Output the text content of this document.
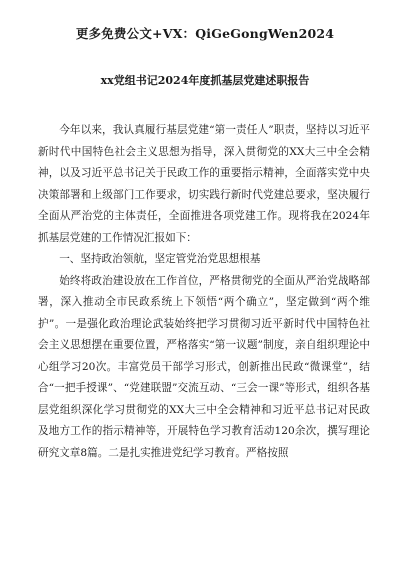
更多免费公文+VX：QiGeGongWen2024
xx党组书记2024年度抓基层党建述职报告

今年以来，我认真履行基层党建“第一责任人”职责，坚持以习近平新时代中国特色社会主义思想为指导，深入贯彻党的XX大三中全会精神，以及习近平总书记关于民政工作的重要指示精神，全面落实党中央决策部署和上级部门工作要求，切实践行新时代党建总要求，坚决履行全面从严治党的主体责任，全面推进各项党建工作。现将我在2024年抓基层党建的工作情况汇报如下：

一、坚持政治领航，坚定管党治党思想根基

始终将政治建设放在工作首位，严格贯彻党的全面从严治党战略部署，深入推动全市民政系统上下领悟“两个确立”，坚定做到“两个维护”。一是强化政治理论武装始终把学习贯彻习近平新时代中国特色社会主义思想摆在重要位置，严格落实“第一议题”制度，亲自组织理论中心组学习20次。丰富党员干部学习形式，创新推出民政“微课堂”，结合“一把手授课”、“党建联盟”交流互动、“三会一课”等形式，组织各基层党组织深化学习贯彻党的XX大三中全会精神和习近平总书记对民政及地方工作的指示精神等，开展特色学习教育活动120余次，撰写理论研究文章8篇。二是扎实推进党纪学习教育。严格按照
